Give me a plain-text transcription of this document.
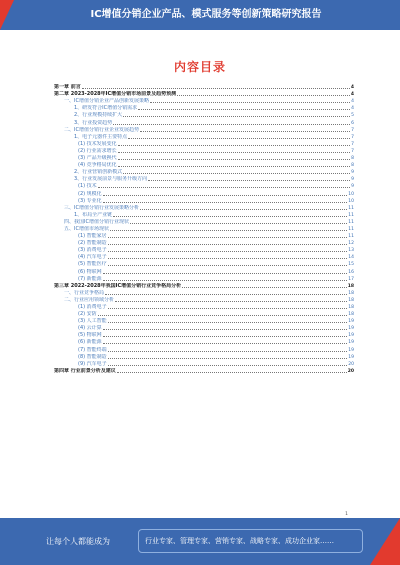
IC增值分销企业产品、模式服务等创新策略研究报告
内容目录
第一章 前言	4
第二章 2023-2028年IC增值分销市场前景及趋势预测	4
一、IC增值分销企业产品创新发展策略	4
1、研发符合IC增值分销需求	4
2、行业规模持续扩大	5
3、行业投资趋势	6
二、IC增值分销行业企业发展趋势	7
1、电子元器件主要特点	7
(1) 技术发展变化	7
(2) 行业需求增长	7
(3) 产品升级换代	8
(4) 竞争格局优化	8
2、行业营销创新模式	9
3、行业发展前景与服务升级方向	9
(1) 技术	9
(2) 规模化	10
(3) 专业化	10
三、IC增值分销行业发展策略分析	11
1、布局全产业链	11
四、我国IC增值分销行业现状	11
五、IC增值市场现状	11
(1) 智能家居	11
(2) 智能制造	12
(3) 消费电子	13
(4) 汽车电子	14
(5) 智能医疗	15
(6) 物联网	16
(7) 新能源	17
第三章 2022-2028年我国IC增值分销行业竞争格局分析	18
一、行业竞争格局	18
二、行业应用领域分析	18
(1) 消费电子	18
(2) 安防	18
(3) 人工智能	19
(4) 云计算	19
(5) 物联网	19
(6) 新能源	19
(7) 智能终端	19
(8) 智能制造	19
(9) 汽车电子	20
第四章 行业前景分析及建议	20
1
让每个人都能成为	行业专家、管理专家、营销专家、战略专家、成功企业家……
